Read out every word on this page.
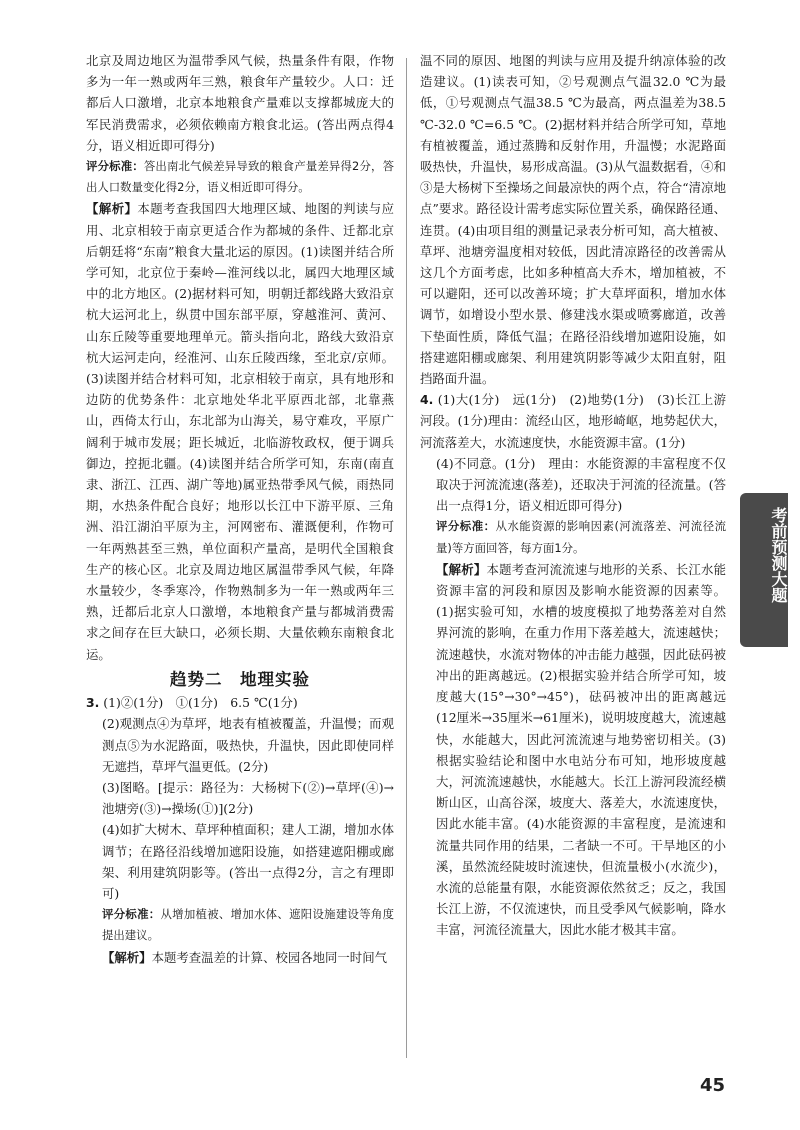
北京及周边地区为温带季风气候，热量条件有限，作物多为一年一熟或两年三熟，粮食年产量较少。人口：迁都后人口激增，北京本地粮食产量难以支撑都城庞大的军民消费需求，必须依赖南方粮食北运。(答出两点得4分，语义相近即可得分)

评分标准：答出南北气候差异导致的粮食产量差异得2分，答出人口数量变化得2分，语义相近即可得分。

【解析】本题考查我国四大地理区域、地图的判读与应用、北京相较于南京更适合作为都城的条件、迁都北京后朝廷将“东南”粮食大量北运的原因。(1)读图并结合所学可知，北京位于秦岭—淮河线以北，属四大地理区域中的北方地区。(2)据材料可知，明朝迁都线路大致沿京杭大运河北上，纵贯中国东部平原，穿越淮河、黄河、山东丘陵等重要地理单元。箭头指向北，路线大致沿京杭大运河走向，经淮河、山东丘陵西缘，至北京/京师。(3)读图并结合材料可知，北京相较于南京，具有地形和边防的优势条件：北京地处华北平原西北部，北靠燕山，西倚太行山，东北部为山海关，易守难攻，平原广阔利于城市发展；距长城近，北临游牧政权，便于调兵御边，控扼北疆。(4)读图并结合所学可知，东南(南直隶、浙江、江西、湖广等地)属亚热带季风气候，雨热同期，水热条件配合良好；地形以长江中下游平原、三角洲、沿江湖泊平原为主，河网密布、灌溉便利，作物可一年两熟甚至三熟，单位面积产量高，是明代全国粮食生产的核心区。北京及周边地区属温带季风气候，年降水量较少，冬季寒冷，作物熟制多为一年一熟或两年三熟，迁都后北京人口激增，本地粮食产量与都城消费需求之间存在巨大缺口，必须长期、大量依赖东南粮食北运。

趋势二　地理实验

3. (1)②(1分)　①(1分)　6.5 ℃(1分)

(2)观测点④为草坪，地表有植被覆盖，升温慢；而观测点⑤为水泥路面，吸热快，升温快，因此即使同样无遮挡，草坪气温更低。(2分)

(3)图略。[提示：路径为：大杨树下(②)→草坪(④)→池塘旁(③)→操场(①)](2分)

(4)如扩大树木、草坪种植面积；建人工湖，增加水体调节；在路径沿线增加遮阳设施，如搭建遮阳棚或廊架、利用建筑阴影等。(答出一点得2分，言之有理即可)

评分标准：从增加植被、增加水体、遮阳设施建设等角度提出建议。

【解析】本题考查温差的计算、校园各地同一时间气

温不同的原因、地图的判读与应用及提升纳凉体验的改造建议。(1)读表可知，②号观测点气温32.0 ℃为最低，①号观测点气温38.5 ℃为最高，两点温差为38.5 ℃-32.0 ℃=6.5 ℃。(2)据材料并结合所学可知，草地有植被覆盖，通过蒸腾和反射作用，升温慢；水泥路面吸热快，升温快，易形成高温。(3)从气温数据看，④和③是大杨树下至操场之间最凉快的两个点，符合“清凉地点”要求。路径设计需考虑实际位置关系，确保路径通、连贯。(4)由项目组的测量记录表分析可知，高大植被、草坪、池塘旁温度相对较低，因此清凉路径的改善需从这几个方面考虑，比如多种植高大乔木，增加植被，不可以避阳，还可以改善环境；扩大草坪面积，增加水体调节，如增设小型水景、修建浅水渠或喷雾廊道，改善下垫面性质，降低气温；在路径沿线增加遮阳设施，如搭建遮阳棚或廊架、利用建筑阴影等减少太阳直射，阻挡路面升温。

4. (1)大(1分)　远(1分)　(2)地势(1分)　(3)长江上游河段。(1分)理由：流经山区，地形崎岖，地势起伏大，河流落差大，水流速度快，水能资源丰富。(1分)

(4)不同意。(1分)　理由：水能资源的丰富程度不仅取决于河流流速(落差)，还取决于河流的径流量。(答出一点得1分，语义相近即可得分)

评分标准：从水能资源的影响因素(河流落差、河流径流量)等方面回答，每方面1分。

【解析】本题考查河流流速与地形的关系、长江水能资源丰富的河段和原因及影响水能资源的因素等。(1)据实验可知，水槽的坡度模拟了地势落差对自然界河流的影响，在重力作用下落差越大，流速越快；流速越快，水流对物体的冲击能力越强，因此砝码被冲出的距离越远。(2)根据实验并结合所学可知，坡度越大(15°→30°→45°)，砝码被冲出的距离越远(12厘米→35厘米→61厘米)，说明坡度越大，流速越快，水能越大，因此河流流速与地势密切相关。(3)根据实验结论和图中水电站分布可知，地形坡度越大，河流流速越快，水能越大。长江上游河段流经横断山区，山高谷深，坡度大、落差大，水流速度快，因此水能丰富。(4)水能资源的丰富程度，是流速和流量共同作用的结果，二者缺一不可。干旱地区的小溪，虽然流经陡坡时流速快，但流量极小(水流少)，水流的总能量有限，水能资源依然贫乏；反之，我国长江上游，不仅流速快，而且受季风气候影响，降水丰富，河流径流量大，因此水能才极其丰富。

考前预测大题
45
